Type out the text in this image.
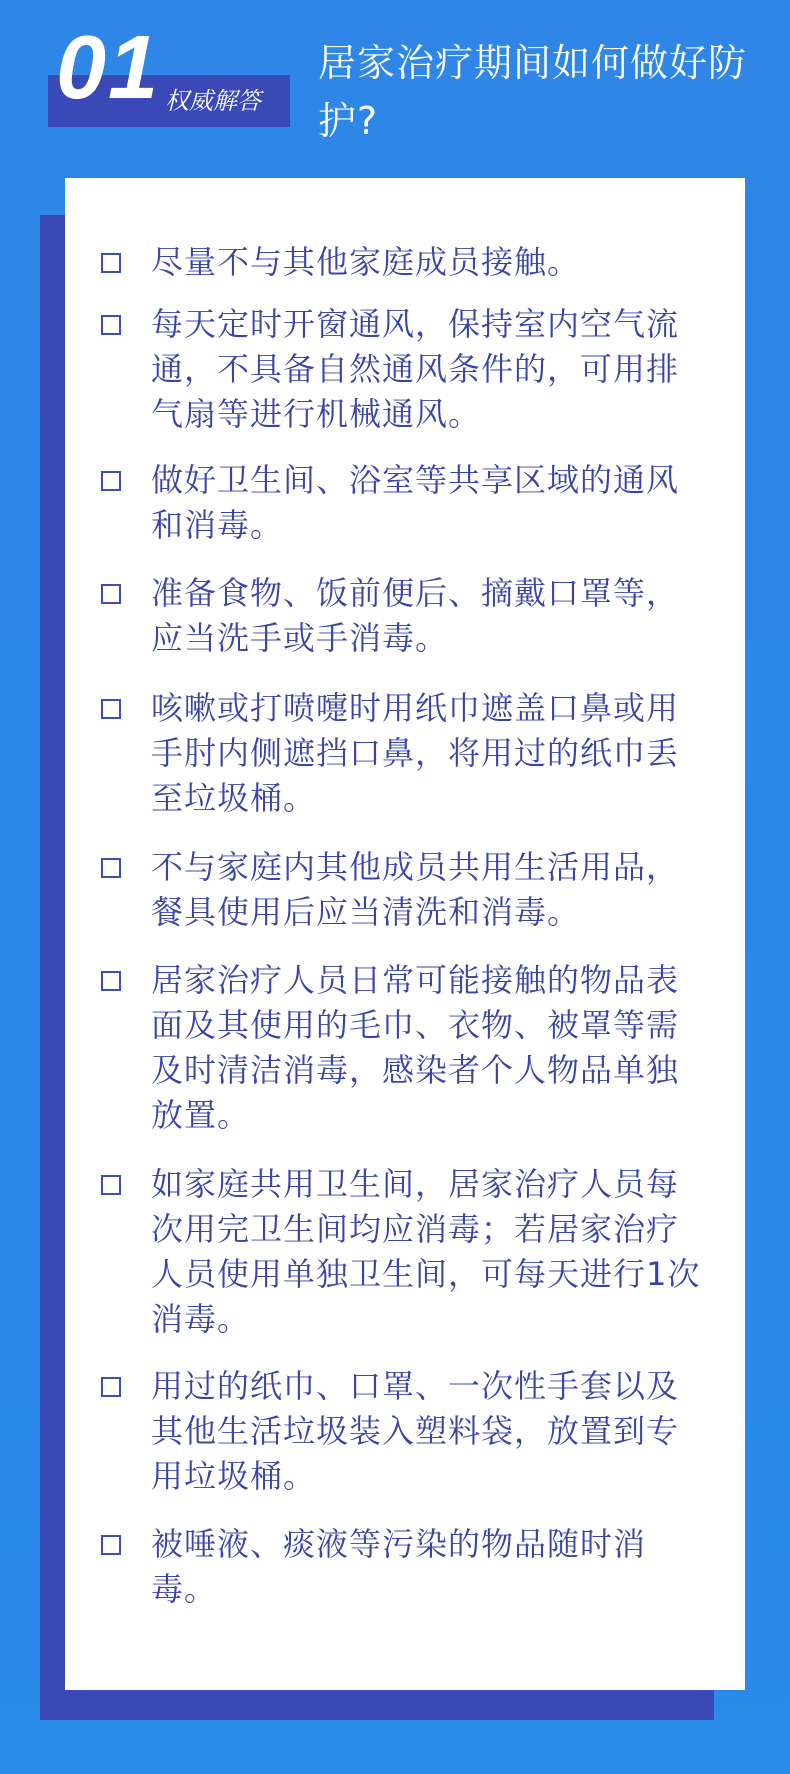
01 权威解答
居家治疗期间如何做好防护?
尽量不与其他家庭成员接触。
每天定时开窗通风，保持室内空气流通，不具备自然通风条件的，可用排气扇等进行机械通风。
做好卫生间、浴室等共享区域的通风和消毒。
准备食物、饭前便后、摘戴口罩等，应当洗手或手消毒。
咳嗽或打喷嚏时用纸巾遮盖口鼻或用手肘内侧遮挡口鼻，将用过的纸巾丢至垃圾桶。
不与家庭内其他成员共用生活用品，餐具使用后应当清洗和消毒。
居家治疗人员日常可能接触的物品表面及其使用的毛巾、衣物、被罩等需及时清洁消毒，感染者个人物品单独放置。
如家庭共用卫生间，居家治疗人员每次用完卫生间均应消毒；若居家治疗人员使用单独卫生间，可每天进行1次消毒。
用过的纸巾、口罩、一次性手套以及其他生活垃圾装入塑料袋，放置到专用垃圾桶。
被唾液、痰液等污染的物品随时消毒。
